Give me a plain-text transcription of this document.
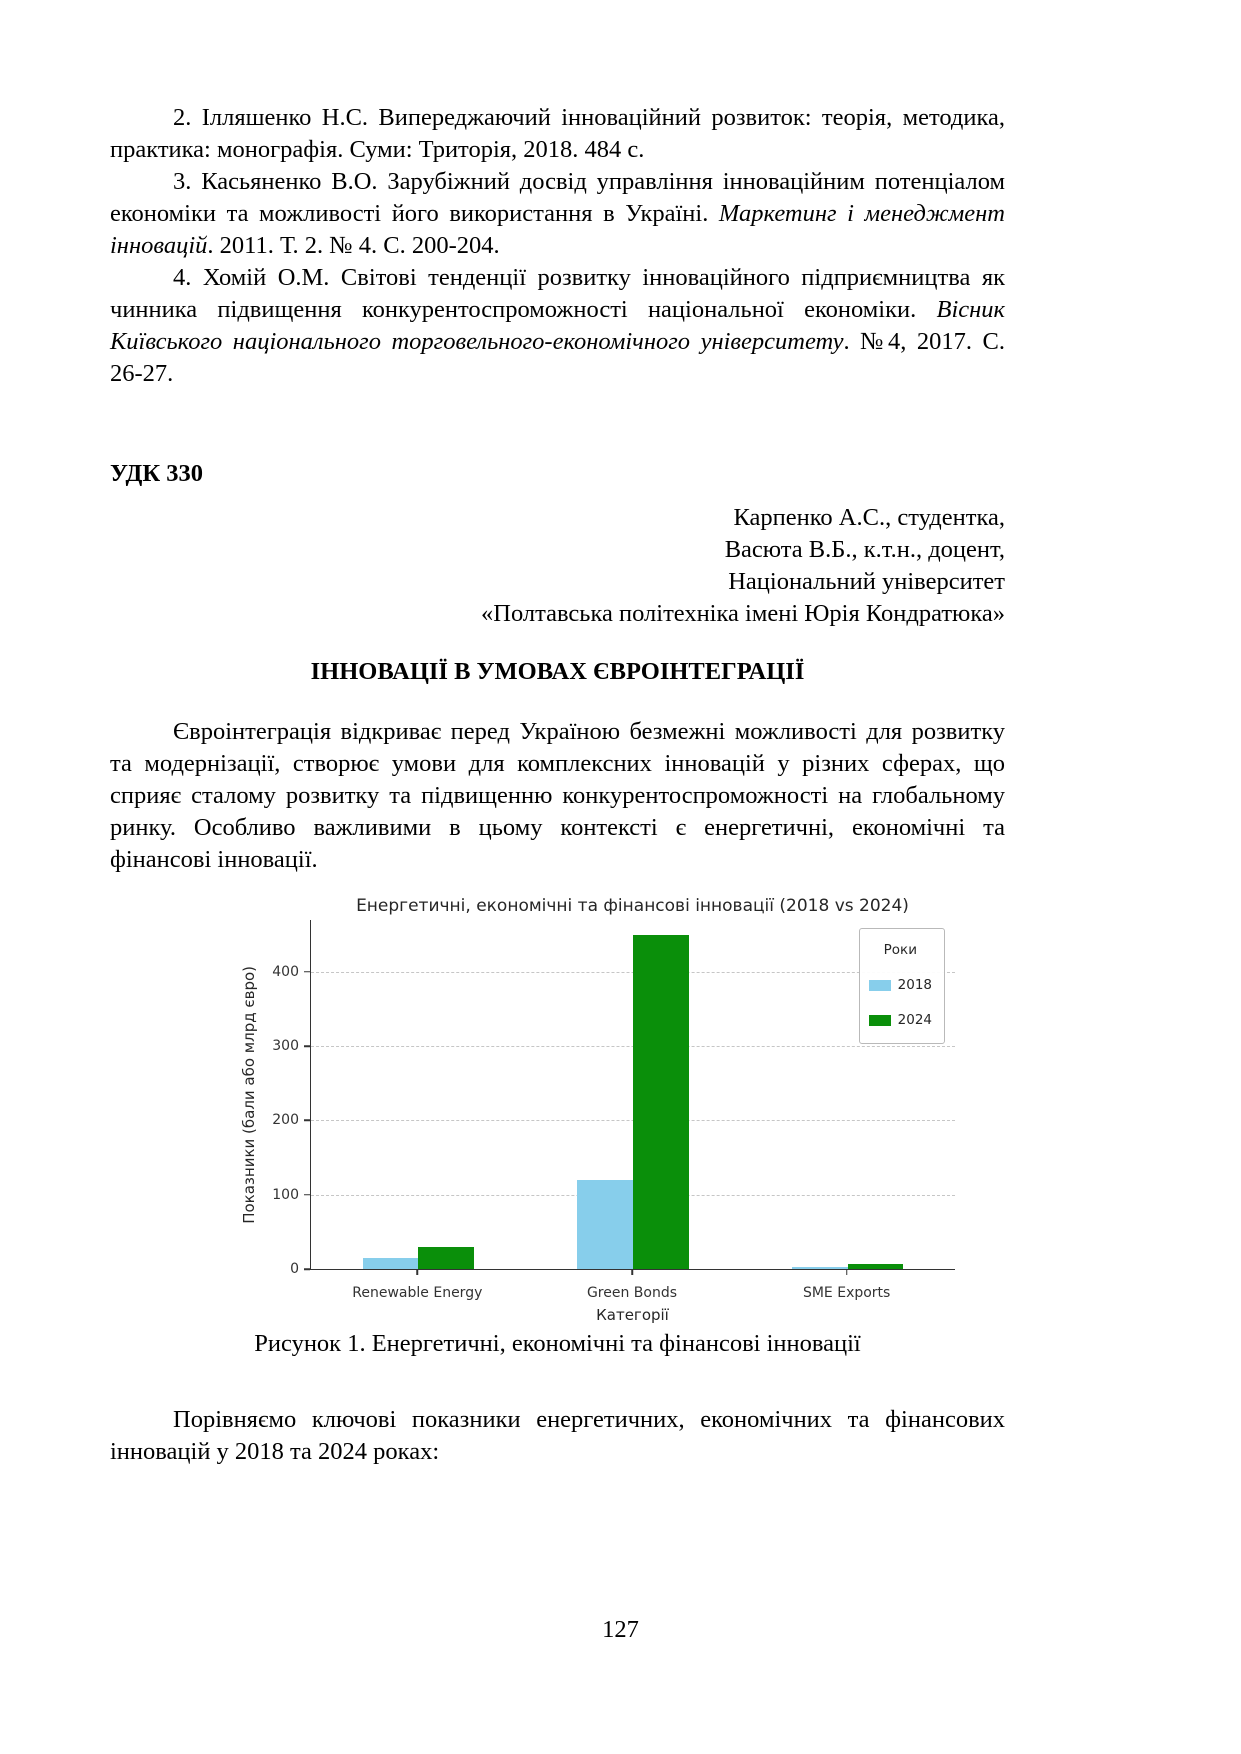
2. Ілляшенко Н.С. Випереджаючий інноваційний розвиток: теорія, методика, практика: монографія. Суми: Триторія, 2018. 484 с.

3. Касьяненко В.О. Зарубіжний досвід управління інноваційним потенціалом економіки та можливості його використання в Україні. Маркетинг і менеджмент інновацій. 2011. Т. 2. № 4. С. 200-204.

4. Хомій О.М. Світові тенденції розвитку інноваційного підприємництва як чинника підвищення конкурентоспроможності національної економіки. Вісник Київського національного торговельного-економічного університету. №4, 2017. С. 26-27.

УДК 330

Карпенко А.С., студентка,
Васюта В.Б., к.т.н., доцент,
Національний університет
«Полтавська політехніка імені Юрія Кондратюка»

ІННОВАЦІЇ В УМОВАХ ЄВРОІНТЕГРАЦІЇ

Євроінтеграція відкриває перед Україною безмежні можливості для розвитку та модернізації, створює умови для комплексних інновацій у різних сферах, що сприяє сталому розвитку та підвищенню конкурентоспроможності на глобальному ринку. Особливо важливими в цьому контексті є енергетичні, економічні та фінансові інновації.

Енергетичні, економічні та фінансові інновації (2018 vs 2024)
Показники (бали або млрд євро)
0
100
200
300
400
Роки
2018
2024
Renewable Energy	Green Bonds	SME Exports
Категорії

Рисунок 1. Енергетичні, економічні та фінансові інновації

Порівняємо ключові показники енергетичних, економічних та фінансових інновацій у 2018 та 2024 роках:

127
